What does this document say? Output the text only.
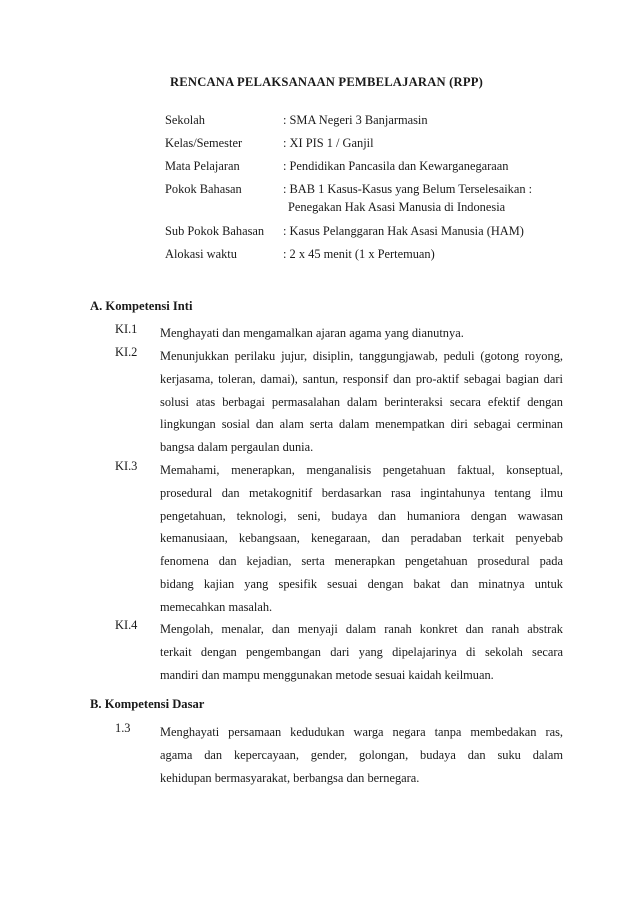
RENCANA PELAKSANAAN PEMBELAJARAN (RPP)
Sekolah	: SMA Negeri 3 Banjarmasin
Kelas/Semester	: XI PIS 1 / Ganjil
Mata Pelajaran	: Pendidikan Pancasila dan Kewarganegaraan
Pokok Bahasan	: BAB 1 Kasus-Kasus yang Belum Terselesaikan :
Penegakan Hak Asasi Manusia di Indonesia
Sub Pokok Bahasan : Kasus Pelanggaran Hak Asasi Manusia (HAM)
Alokasi waktu	: 2 x 45 menit (1 x Pertemuan)
A. Kompetensi Inti
KI.1 Menghayati dan mengamalkan ajaran agama yang dianutnya.
KI.2 Menunjukkan perilaku jujur, disiplin, tanggungjawab, peduli (gotong royong,
kerjasama, toleran, damai), santun, responsif dan pro-aktif sebagai bagian dari
solusi atas berbagai permasalahan dalam berinteraksi secara efektif dengan
lingkungan sosial dan alam serta dalam menempatkan diri sebagai cerminan
bangsa dalam pergaulan dunia.
KI.3 Memahami, menerapkan, menganalisis pengetahuan faktual, konseptual,
prosedural dan metakognitif berdasarkan rasa ingintahunya tentang ilmu
pengetahuan, teknologi, seni, budaya dan humaniora dengan wawasan
kemanusiaan, kebangsaan, kenegaraan, dan peradaban terkait penyebab
fenomena dan kejadian, serta menerapkan pengetahuan prosedural pada
bidang kajian yang spesifik sesuai dengan bakat dan minatnya untuk
memecahkan masalah.
KI.4 Mengolah, menalar, dan menyaji dalam ranah konkret dan ranah abstrak
terkait dengan pengembangan dari yang dipelajarinya di sekolah secara
mandiri dan mampu menggunakan metode sesuai kaidah keilmuan.
B. Kompetensi Dasar
1.3 Menghayati persamaan kedudukan warga negara tanpa membedakan ras,
agama dan kepercayaan, gender, golongan, budaya dan suku dalam
kehidupan bermasyarakat, berbangsa dan bernegara.
